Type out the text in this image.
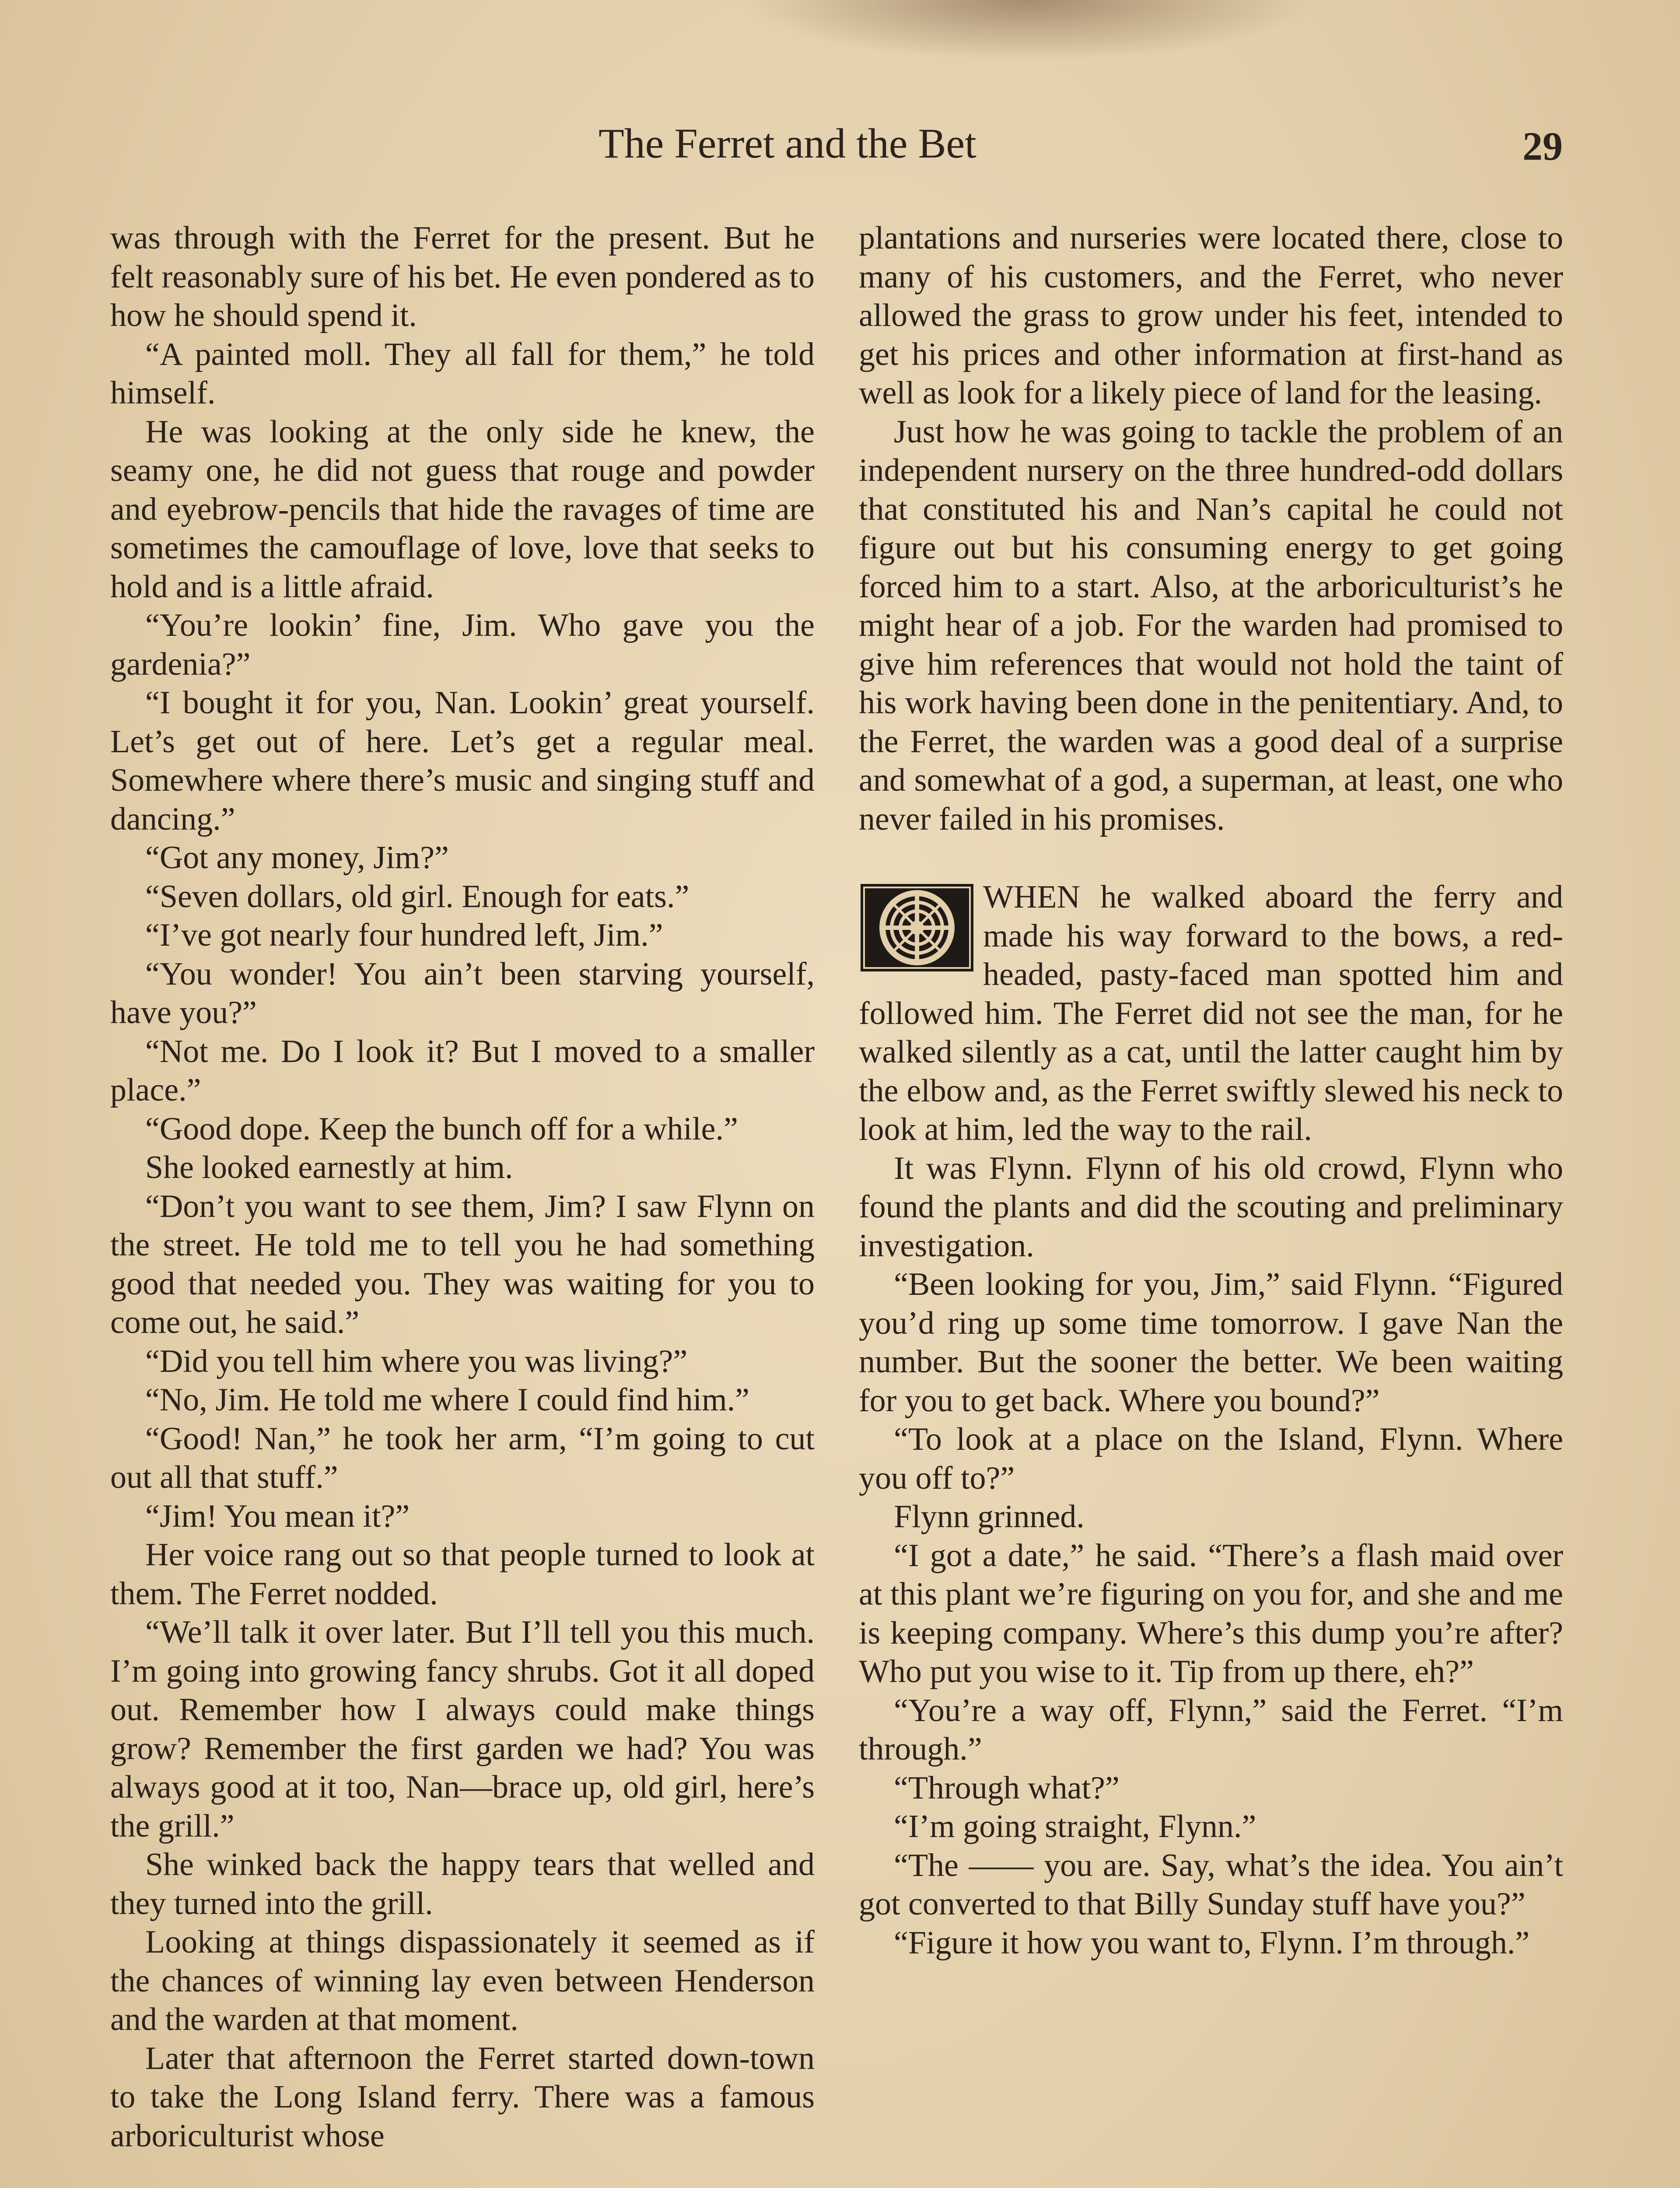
The Ferret and the Bet	29

was through with the Ferret for the present. But he felt reasonably sure of his bet. He even pondered as to how he should spend it.

“A painted moll. They all fall for them,” he told himself.

He was looking at the only side he knew, the seamy one, he did not guess that rouge and powder and eyebrow-pencils that hide the ravages of time are sometimes the camouflage of love, love that seeks to hold and is a little afraid.

“You’re lookin’ fine, Jim. Who gave you the gardenia?”

“I bought it for you, Nan. Lookin’ great yourself. Let’s get out of here. Let’s get a regular meal. Somewhere where there’s music and singing stuff and dancing.”

“Got any money, Jim?”

“Seven dollars, old girl. Enough for eats.”

“I’ve got nearly four hundred left, Jim.”

“You wonder! You ain’t been starving yourself, have you?”

“Not me. Do I look it? But I moved to a smaller place.”

“Good dope. Keep the bunch off for a while.”

She looked earnestly at him.

“Don’t you want to see them, Jim? I saw Flynn on the street. He told me to tell you he had something good that needed you. They was waiting for you to come out, he said.”

“Did you tell him where you was living?”

“No, Jim. He told me where I could find him.”

“Good! Nan,” he took her arm, “I’m going to cut out all that stuff.”

“Jim! You mean it?”

Her voice rang out so that people turned to look at them. The Ferret nodded.

“We’ll talk it over later. But I’ll tell you this much. I’m going into growing fancy shrubs. Got it all doped out. Remember how I always could make things grow? Remember the first garden we had? You was always good at it too, Nan—brace up, old girl, here’s the grill.”

She winked back the happy tears that welled and they turned into the grill.

Looking at things dispassionately it seemed as if the chances of winning lay even between Henderson and the warden at that moment.

Later that afternoon the Ferret started down-town to take the Long Island ferry. There was a famous arboriculturist whose

plantations and nurseries were located there, close to many of his customers, and the Ferret, who never allowed the grass to grow under his feet, intended to get his prices and other information at first-hand as well as look for a likely piece of land for the leasing.

Just how he was going to tackle the problem of an independent nursery on the three hundred-odd dollars that constituted his and Nan’s capital he could not figure out but his consuming energy to get going forced him to a start. Also, at the arboriculturist’s he might hear of a job. For the warden had promised to give him references that would not hold the taint of his work having been done in the penitentiary. And, to the Ferret, the warden was a good deal of a surprise and somewhat of a god, a superman, at least, one who never failed in his promises.

WHEN he walked aboard the ferry and made his way forward to the bows, a red-headed, pasty-faced man spotted him and followed him. The Ferret did not see the man, for he walked silently as a cat, until the latter caught him by the elbow and, as the Ferret swiftly slewed his neck to look at him, led the way to the rail.

It was Flynn. Flynn of his old crowd, Flynn who found the plants and did the scouting and preliminary investigation.

“Been looking for you, Jim,” said Flynn. “Figured you’d ring up some time tomorrow. I gave Nan the number. But the sooner the better. We been waiting for you to get back. Where you bound?”

“To look at a place on the Island, Flynn. Where you off to?”

Flynn grinned.

“I got a date,” he said. “There’s a flash maid over at this plant we’re figuring on you for, and she and me is keeping company. Where’s this dump you’re after? Who put you wise to it. Tip from up there, eh?”

“You’re a way off, Flynn,” said the Ferret. “I’m through.”

“Through what?”

“I’m going straight, Flynn.”

“The —— you are. Say, what’s the idea. You ain’t got converted to that Billy Sunday stuff have you?”

“Figure it how you want to, Flynn. I’m through.”
